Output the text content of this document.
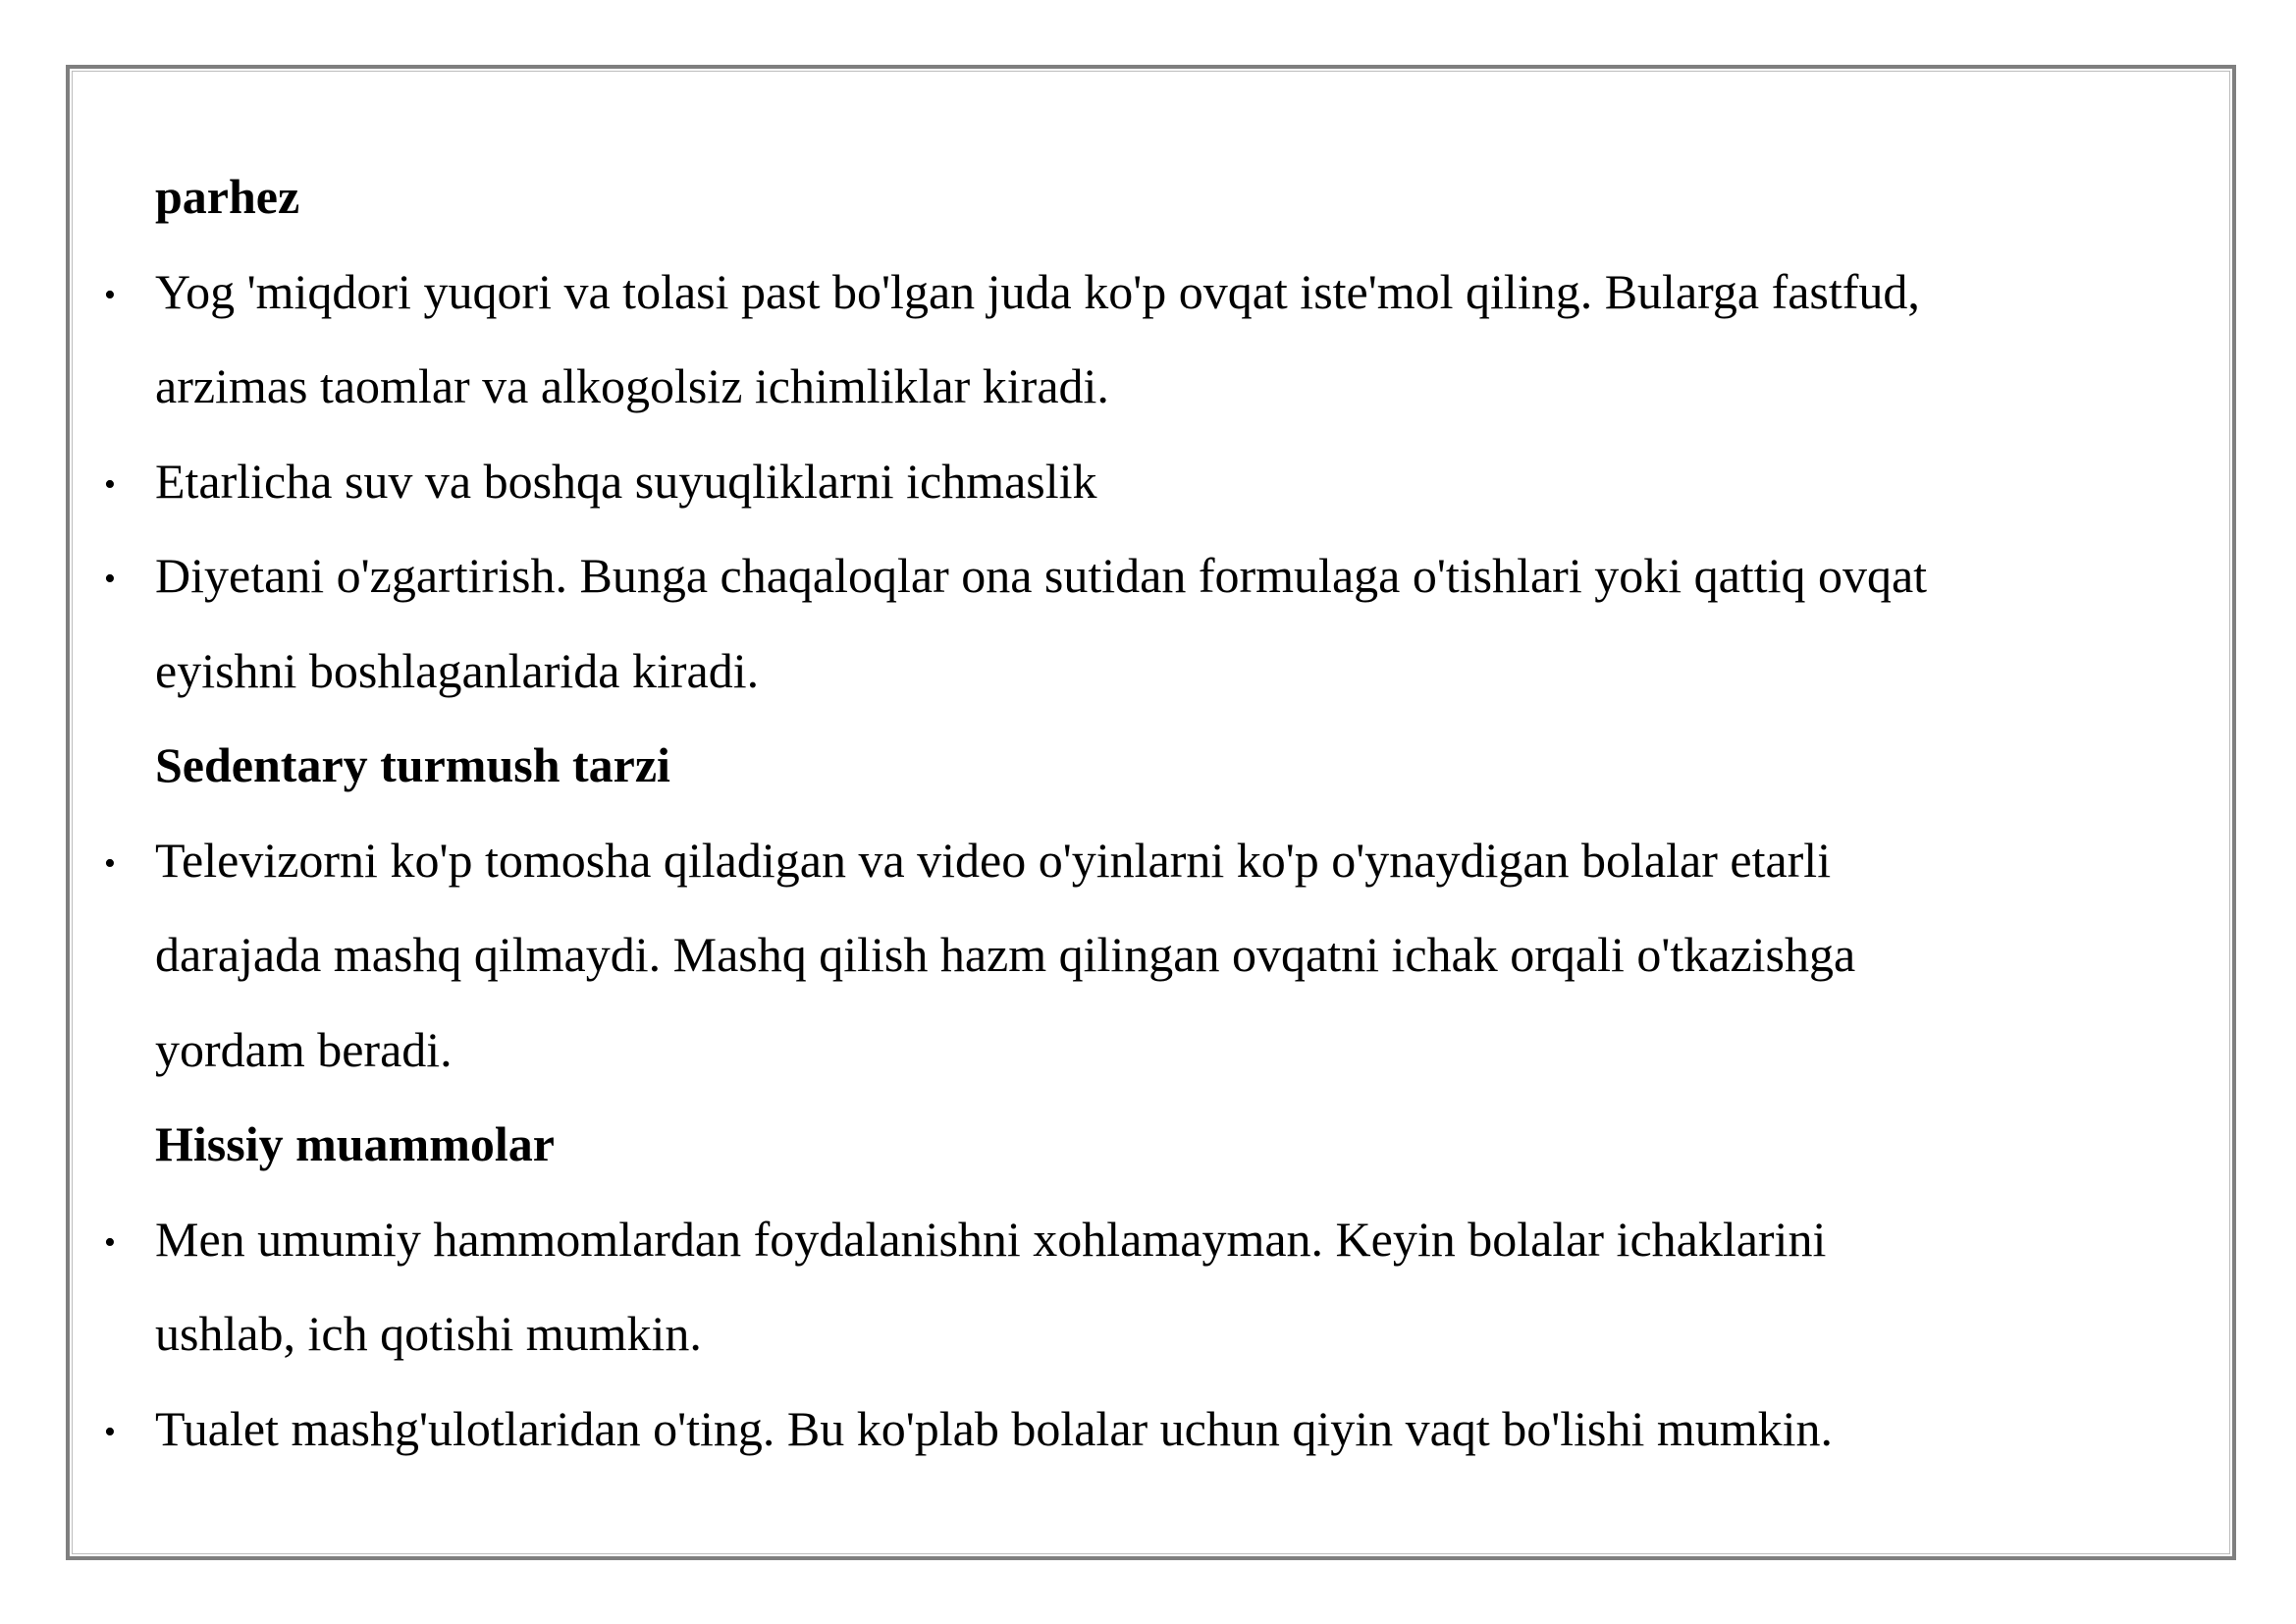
parhez
• Yog 'miqdori yuqori va tolasi past bo'lgan juda ko'p ovqat iste'mol qiling. Bularga fastfud,
arzimas taomlar va alkogolsiz ichimliklar kiradi.
• Etarlicha suv va boshqa suyuqliklarni ichmaslik
• Diyetani o'zgartirish. Bunga chaqaloqlar ona sutidan formulaga o'tishlari yoki qattiq ovqat
eyishni boshlaganlarida kiradi.
Sedentary turmush tarzi
• Televizorni ko'p tomosha qiladigan va video o'yinlarni ko'p o'ynaydigan bolalar etarli
darajada mashq qilmaydi. Mashq qilish hazm qilingan ovqatni ichak orqali o'tkazishga
yordam beradi.
Hissiy muammolar
• Men umumiy hammomlardan foydalanishni xohlamayman. Keyin bolalar ichaklarini
ushlab, ich qotishi mumkin.
• Tualet mashg'ulotlaridan o'ting. Bu ko'plab bolalar uchun qiyin vaqt bo'lishi mumkin.
